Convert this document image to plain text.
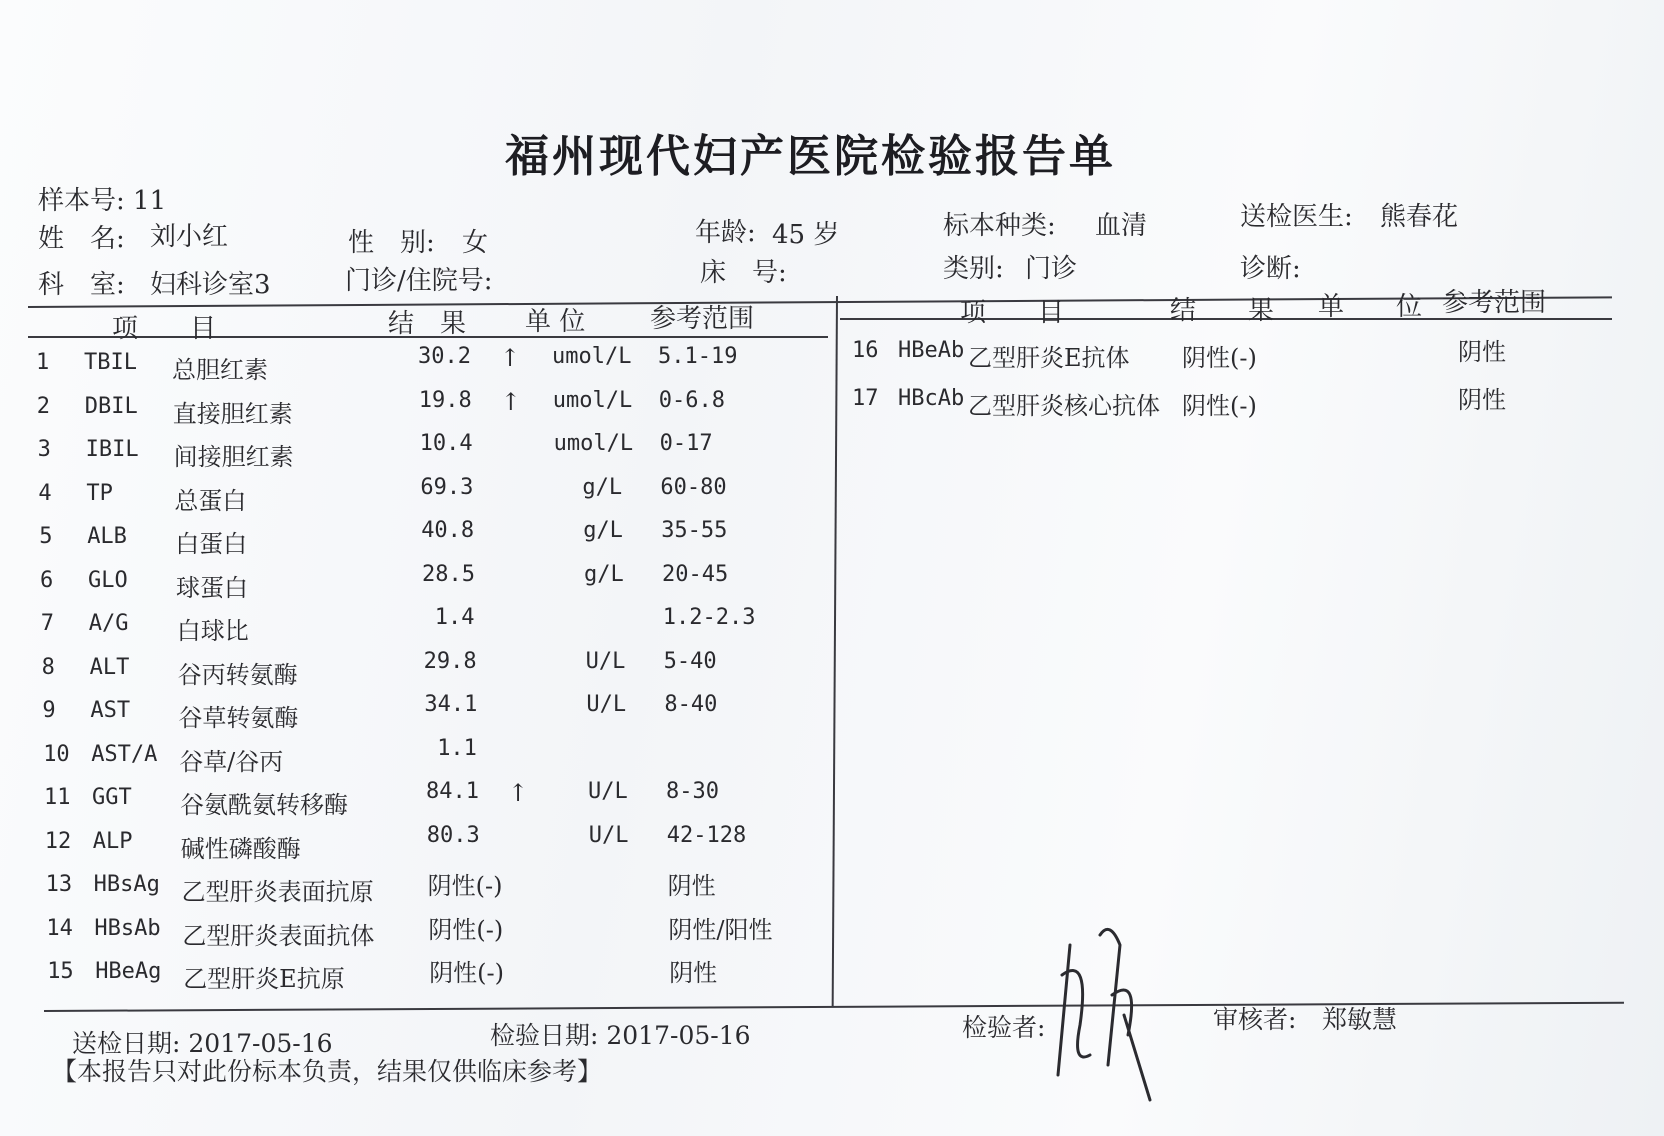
福州现代妇产医院检验报告单
样本号: 11
姓　名: 刘小红	性　别: 女	年龄: 45 岁	标本种类: 血清	送检医生: 熊春花
科　室: 妇科诊室3	门诊/住院号:	床　号:	类别: 门诊	诊断:
项　　目	结　果 单 位 参考范围	项　　目	结　　果 单　　位 参考范围
1 TBIL 总胆红素	30.2 ↑ umol/L 5.1-19
2 DBIL 直接胆红素	19.8 ↑ umol/L 0-6.8
3 IBIL 间接胆红素	10.4	umol/L 0-17
4 TP	总蛋白	69.3	g/L 60-80
5 ALB 白蛋白	40.8	g/L 35-55
6 GLO 球蛋白	28.5	g/L 20-45
7 A/G 白球比	1.4	1.2-2.3
8 ALT 谷丙转氨酶	29.8	U/L 5-40
9 AST 谷草转氨酶	34.1	U/L 8-40
10 AST/A 谷草/谷丙	1.1
11 GGT 谷氨酰氨转移酶	84.1 ↑	U/L 8-30
12 ALP 碱性磷酸酶	80.3	U/L 42-128
13 HBsAg 乙型肝炎表面抗原 阴性(-)	阴性
14 HBsAb 乙型肝炎表面抗体 阴性(-)	阴性/阳性
15 HBeAg 乙型肝炎E抗原	阴性(-)	阴性
16 HBeAb 乙型肝炎E抗体 阴性(-)	阴性
17 HBcAb 乙型肝炎核心抗体 阴性(-)	阴性
送检日期: 2017-05-16	检验日期: 2017-05-16	检验者:	审核者: 郑敏慧
【本报告只对此份标本负责，结果仅供临床参考】
